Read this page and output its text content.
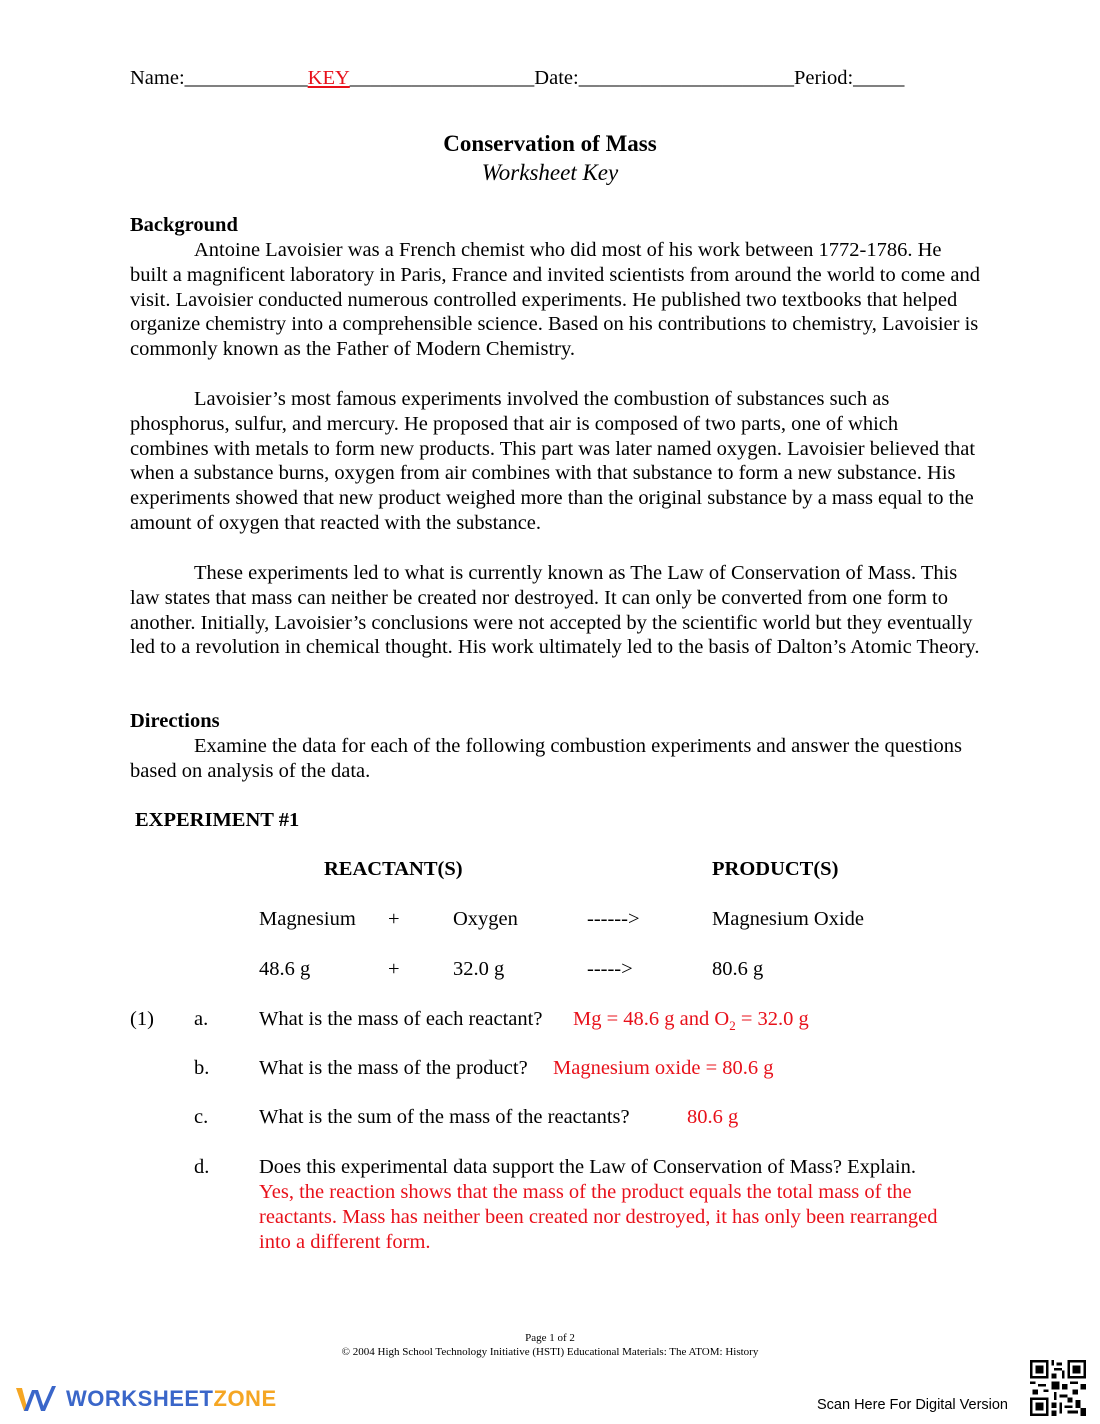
Name:____________KEY__________________Date:_____________________Period:_____
Conservation of Mass
Worksheet Key
Background

Antoine Lavoisier was a French chemist who did most of his work between 1772-1786. He built a magnificent laboratory in Paris, France and invited scientists from around the world to come and visit. Lavoisier conducted numerous controlled experiments. He published two textbooks that helped organize chemistry into a comprehensible science. Based on his contributions to chemistry, Lavoisier is commonly known as the Father of Modern Chemistry.

Lavoisier’s most famous experiments involved the combustion of substances such as phosphorus, sulfur, and mercury. He proposed that air is composed of two parts, one of which combines with metals to form new products. This part was later named oxygen. Lavoisier believed that when a substance burns, oxygen from air combines with that substance to form a new substance. His experiments showed that new product weighed more than the original substance by a mass equal to the amount of oxygen that reacted with the substance.

These experiments led to what is currently known as The Law of Conservation of Mass. This law states that mass can neither be created nor destroyed. It can only be converted from one form to another. Initially, Lavoisier’s conclusions were not accepted by the scientific world but they eventually led to a revolution in chemical thought. His work ultimately led to the basis of Dalton’s Atomic Theory.

Directions

Examine the data for each of the following combustion experiments and answer the questions based on analysis of the data.

EXPERIMENT #1
REACTANT(S)	PRODUCT(S)
Magnesium +	Oxygen	------>	Magnesium Oxide
48.6 g	+	32.0 g	----->	80.6 g
(1) a. What is the mass of each reactant? Mg = 48.6 g and $O_2 = 32.0$ g
b. What is the mass of the product? Magnesium oxide = 80.6 g
c. What is the sum of the mass of the reactants?	80.6 g
d. Does this experimental data support the Law of Conservation of Mass? Explain.
Yes, the reaction shows that the mass of the product equals the total mass of the reactants. Mass has neither been created nor destroyed, it has only been rearranged into a different form.
Page 1 of 2
© 2004 High School Technology Initiative (HSTI) Educational Materials: The ATOM: History
WORKSHEETZONE	Scan Here For Digital Version
